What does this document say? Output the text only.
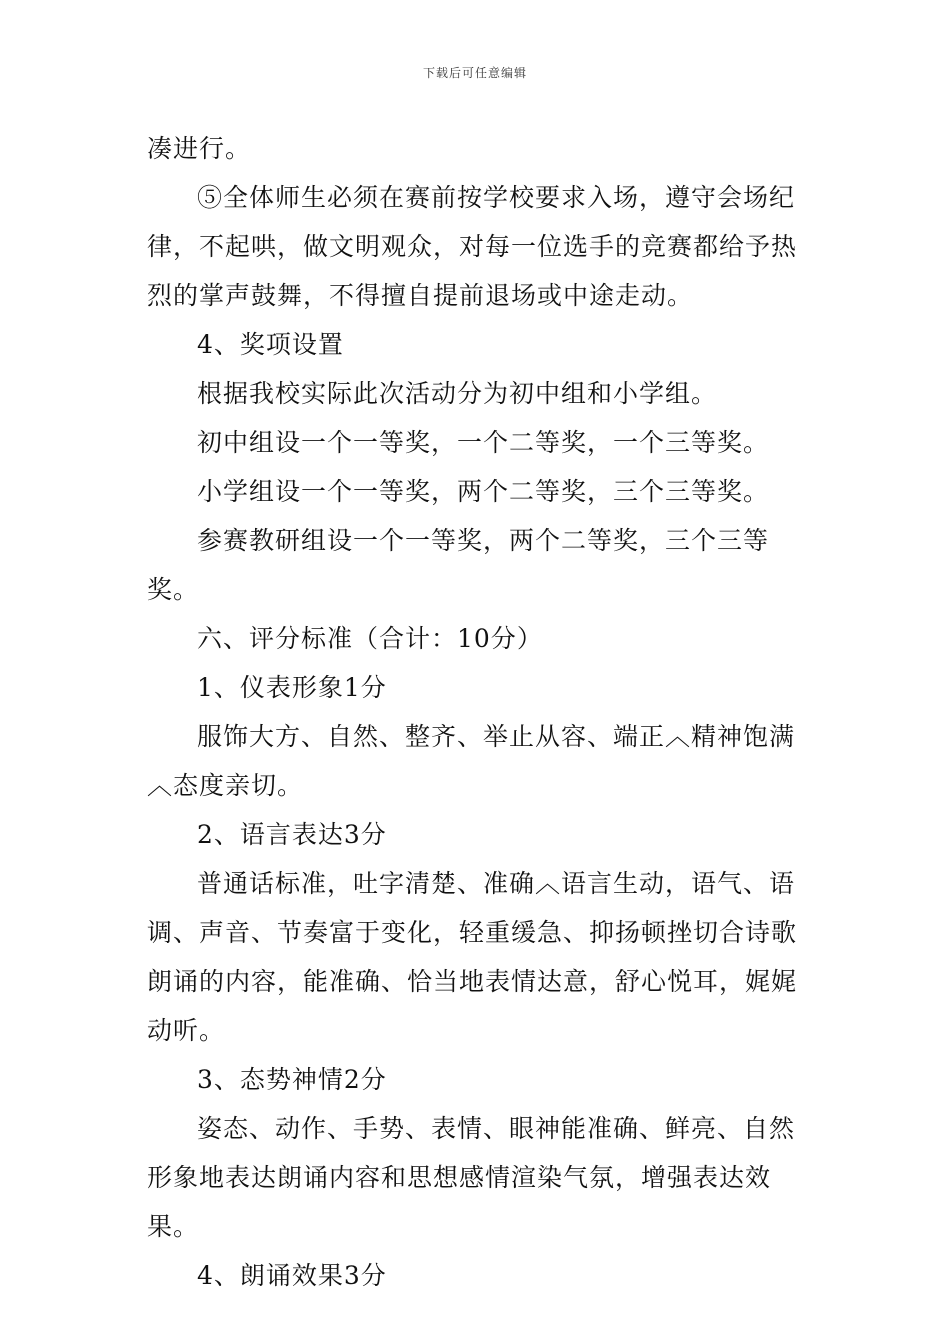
下载后可任意编辑

凑进行。

⑤全体师生必须在赛前按学校要求入场，遵守会场纪律，不起哄，做文明观众，对每一位选手的竞赛都给予热烈的掌声鼓舞，不得擅自提前退场或中途走动。

4、奖项设置

根据我校实际此次活动分为初中组和小学组。

初中组设一个一等奖，一个二等奖，一个三等奖。

小学组设一个一等奖，两个二等奖，三个三等奖。

参赛教研组设一个一等奖，两个二等奖，三个三等奖。

六、评分标准（合计：10分）

1、仪表形象1分

服饰大方、自然、整齐、举止从容、端正︿精神饱满︿态度亲切。

2、语言表达3分

普通话标准，吐字清楚、准确︿语言生动，语气、语调、声音、节奏富于变化，轻重缓急、抑扬顿挫切合诗歌朗诵的内容，能准确、恰当地表情达意，舒心悦耳，娓娓动听。

3、态势神情2分

姿态、动作、手势、表情、眼神能准确、鲜亮、自然形象地表达朗诵内容和思想感情渲染气氛，增强表达效果。

4、朗诵效果3分
